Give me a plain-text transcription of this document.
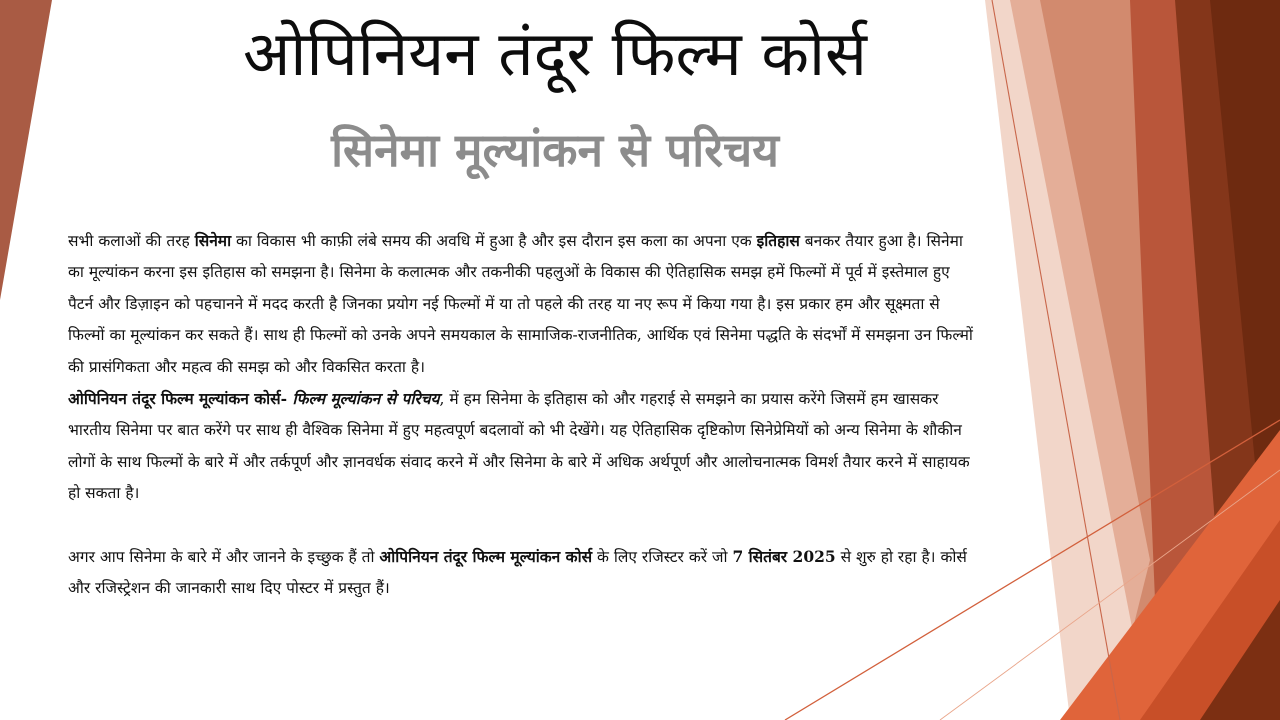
ओपिनियन तंदूर फिल्म कोर्स
सिनेमा मूल्यांकन से परिचय

सभी कलाओं की तरह सिनेमा का विकास भी काफ़ी लंबे समय की अवधि में हुआ है और इस दौरान इस कला का अपना एक इतिहास बनकर तैयार हुआ है। सिनेमा का मूल्यांकन करना इस इतिहास को समझना है। सिनेमा के कलात्मक और तकनीकी पहलुओं के विकास की ऐतिहासिक समझ हमें फिल्मों में पूर्व में इस्तेमाल हुए पैटर्न और डिज़ाइन को पहचानने में मदद करती है जिनका प्रयोग नई फिल्मों में या तो पहले की तरह या नए रूप में किया गया है। इस प्रकार हम और सूक्ष्मता से फिल्मों का मूल्यांकन कर सकते हैं। साथ ही फिल्मों को उनके अपने समयकाल के सामाजिक-राजनीतिक, आर्थिक एवं सिनेमा पद्धति के संदर्भों में समझना उन फिल्मों की प्रासंगिकता और महत्व की समझ को और विकसित करता है।

ओपिनियन तंदूर फिल्म मूल्यांकन कोर्स- फिल्म मूल्यांकन से परिचय, में हम सिनेमा के इतिहास को और गहराई से समझने का प्रयास करेंगे जिसमें हम खासकर भारतीय सिनेमा पर बात करेंगे पर साथ ही वैश्विक सिनेमा में हुए महत्वपूर्ण बदलावों को भी देखेंगे। यह ऐतिहासिक दृष्टिकोण सिनेप्रेमियों को अन्य सिनेमा के शौकीन लोगों के साथ फिल्मों के बारे में और तर्कपूर्ण और ज्ञानवर्धक संवाद करने में और सिनेमा के बारे में अधिक अर्थपूर्ण और आलोचनात्मक विमर्श तैयार करने में साहायक हो सकता है।

अगर आप सिनेमा के बारे में और जानने के इच्छुक हैं तो ओपिनियन तंदूर फिल्म मूल्यांकन कोर्स के लिए रजिस्टर करें जो 7 सितंबर 2025 से शुरु हो रहा है। कोर्स और रजिस्ट्रेशन की जानकारी साथ दिए पोस्टर में प्रस्तुत हैं।
